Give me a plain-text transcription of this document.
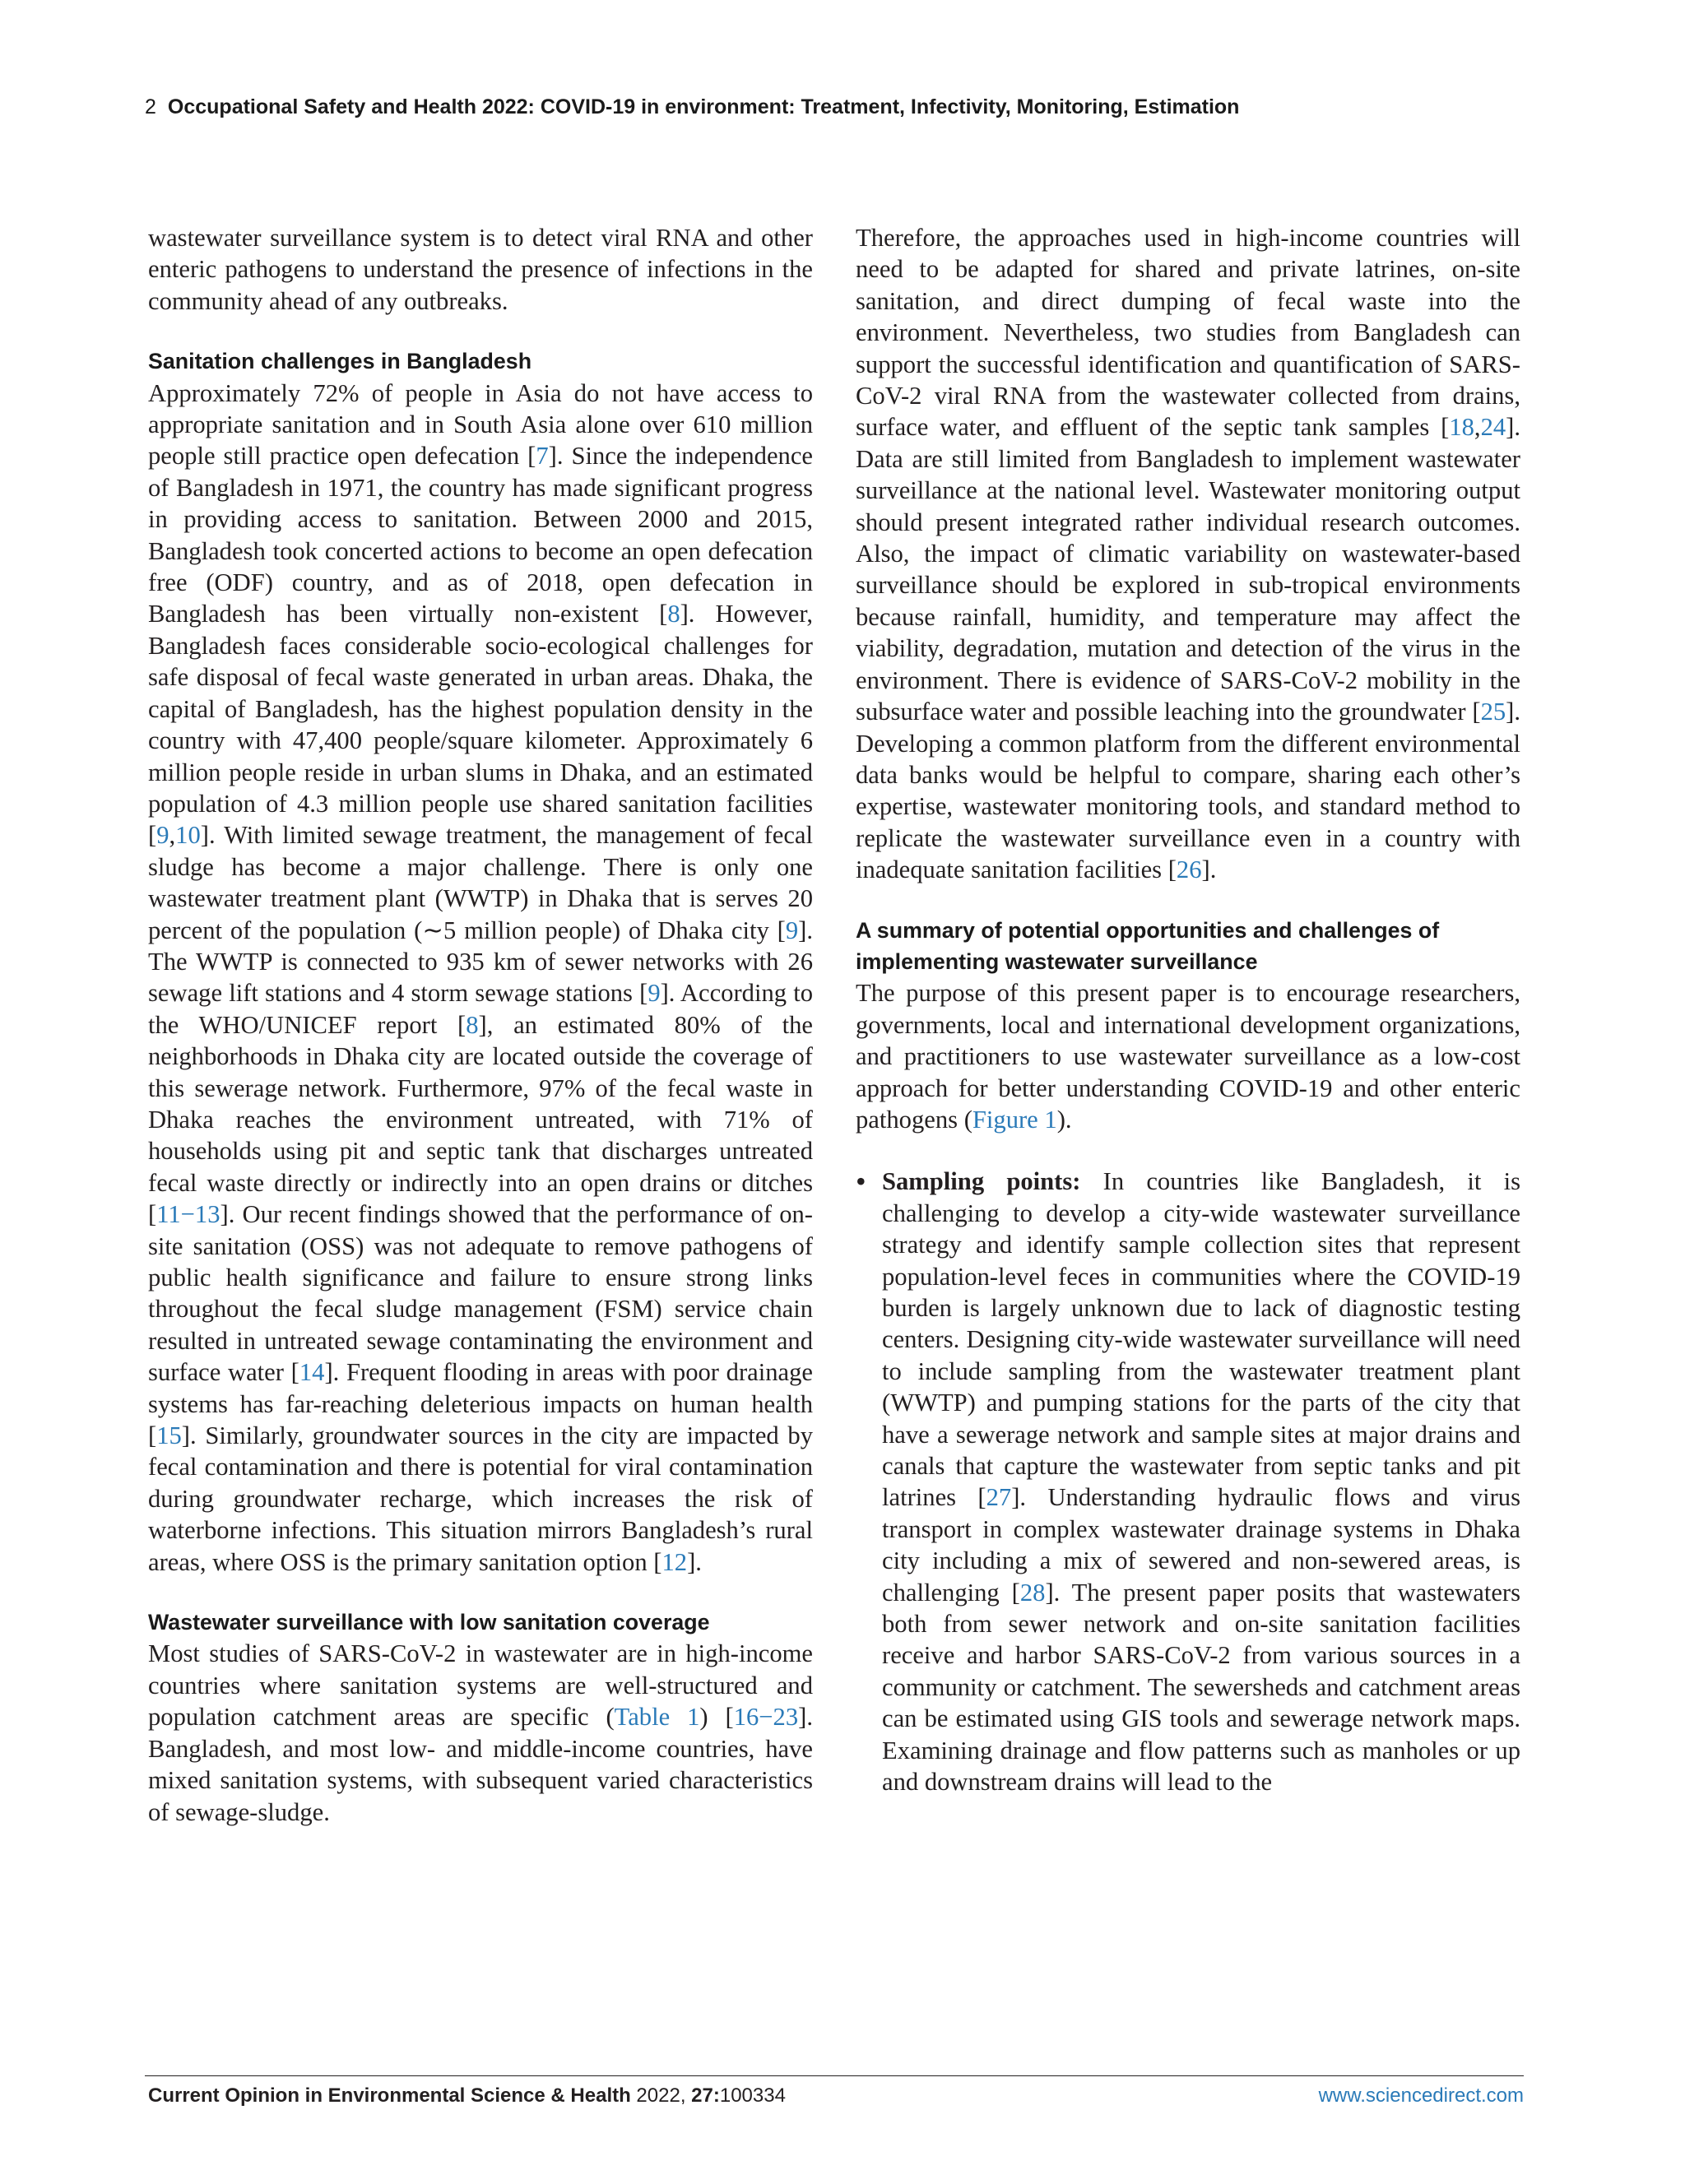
2 Occupational Safety and Health 2022: COVID-19 in environment: Treatment, Infectivity, Monitoring, Estimation

wastewater surveillance system is to detect viral RNA and other enteric pathogens to understand the presence of infections in the community ahead of any outbreaks.

Sanitation challenges in Bangladesh

Approximately 72% of people in Asia do not have access to appropriate sanitation and in South Asia alone over 610 million people still practice open defecation [7]. Since the independence of Bangladesh in 1971, the country has made significant progress in providing access to sanitation. Between 2000 and 2015, Bangladesh took concerted actions to become an open defecation free (ODF) country, and as of 2018, open defecation in Bangladesh has been virtually non-existent [8]. However, Bangladesh faces considerable socio-ecological challenges for safe disposal of fecal waste generated in urban areas. Dhaka, the capital of Bangladesh, has the highest population density in the country with 47,400 people/square kilometer. Approximately 6 million people reside in urban slums in Dhaka, and an estimated population of 4.3 million people use shared sanitation facilities [9,10]. With limited sewage treatment, the management of fecal sludge has become a major challenge. There is only one wastewater treatment plant (WWTP) in Dhaka that is serves 20 percent of the population (∼5 million people) of Dhaka city [9]. The WWTP is connected to 935 km of sewer networks with 26 sewage lift stations and 4 storm sewage stations [9]. According to the WHO/UNICEF report [8], an estimated 80% of the neighborhoods in Dhaka city are located outside the coverage of this sewerage network. Furthermore, 97% of the fecal waste in Dhaka reaches the environment untreated, with 71% of households using pit and septic tank that discharges untreated fecal waste directly or indirectly into an open drains or ditches [11−13]. Our recent findings showed that the performance of on-site sanitation (OSS) was not adequate to remove pathogens of public health significance and failure to ensure strong links throughout the fecal sludge management (FSM) service chain resulted in untreated sewage contaminating the environment and surface water [14]. Frequent flooding in areas with poor drainage systems has far-reaching deleterious impacts on human health [15]. Similarly, groundwater sources in the city are impacted by fecal contamination and there is potential for viral contamination during groundwater recharge, which increases the risk of waterborne infections. This situation mirrors Bangladesh’s rural areas, where OSS is the primary sanitation option [12].

Wastewater surveillance with low sanitation coverage

Most studies of SARS-CoV-2 in wastewater are in high-income countries where sanitation systems are well-structured and population catchment areas are specific (Table 1) [16−23]. Bangladesh, and most low- and middle-income countries, have mixed sanitation systems, with subsequent varied characteristics of sewage-sludge.

Therefore, the approaches used in high-income countries will need to be adapted for shared and private latrines, on-site sanitation, and direct dumping of fecal waste into the environment. Nevertheless, two studies from Bangladesh can support the successful identification and quantification of SARS-CoV-2 viral RNA from the wastewater collected from drains, surface water, and effluent of the septic tank samples [18,24]. Data are still limited from Bangladesh to implement wastewater surveillance at the national level. Wastewater monitoring output should present integrated rather individual research outcomes. Also, the impact of climatic variability on wastewater-based surveillance should be explored in sub-tropical environments because rainfall, humidity, and temperature may affect the viability, degradation, mutation and detection of the virus in the environment. There is evidence of SARS-CoV-2 mobility in the subsurface water and possible leaching into the groundwater [25]. Developing a common platform from the different environmental data banks would be helpful to compare, sharing each other’s expertise, wastewater monitoring tools, and standard method to replicate the wastewater surveillance even in a country with inadequate sanitation facilities [26].

A summary of potential opportunities and challenges of implementing wastewater surveillance

The purpose of this present paper is to encourage researchers, governments, local and international development organizations, and practitioners to use wastewater surveillance as a low-cost approach for better understanding COVID-19 and other enteric pathogens (Figure 1).

• Sampling points: In countries like Bangladesh, it is challenging to develop a city-wide wastewater surveillance strategy and identify sample collection sites that represent population-level feces in communities where the COVID-19 burden is largely unknown due to lack of diagnostic testing centers. Designing city-wide wastewater surveillance will need to include sampling from the wastewater treatment plant (WWTP) and pumping stations for the parts of the city that have a sewerage network and sample sites at major drains and canals that capture the wastewater from septic tanks and pit latrines [27]. Understanding hydraulic flows and virus transport in complex wastewater drainage systems in Dhaka city including a mix of sewered and non-sewered areas, is challenging [28]. The present paper posits that wastewaters both from sewer network and on-site sanitation facilities receive and harbor SARS-CoV-2 from various sources in a community or catchment. The sewersheds and catchment areas can be estimated using GIS tools and sewerage network maps. Examining drainage and flow patterns such as manholes or up and downstream drains will lead to the
Current Opinion in Environmental Science & Health 2022, 27:100334	www.sciencedirect.com
